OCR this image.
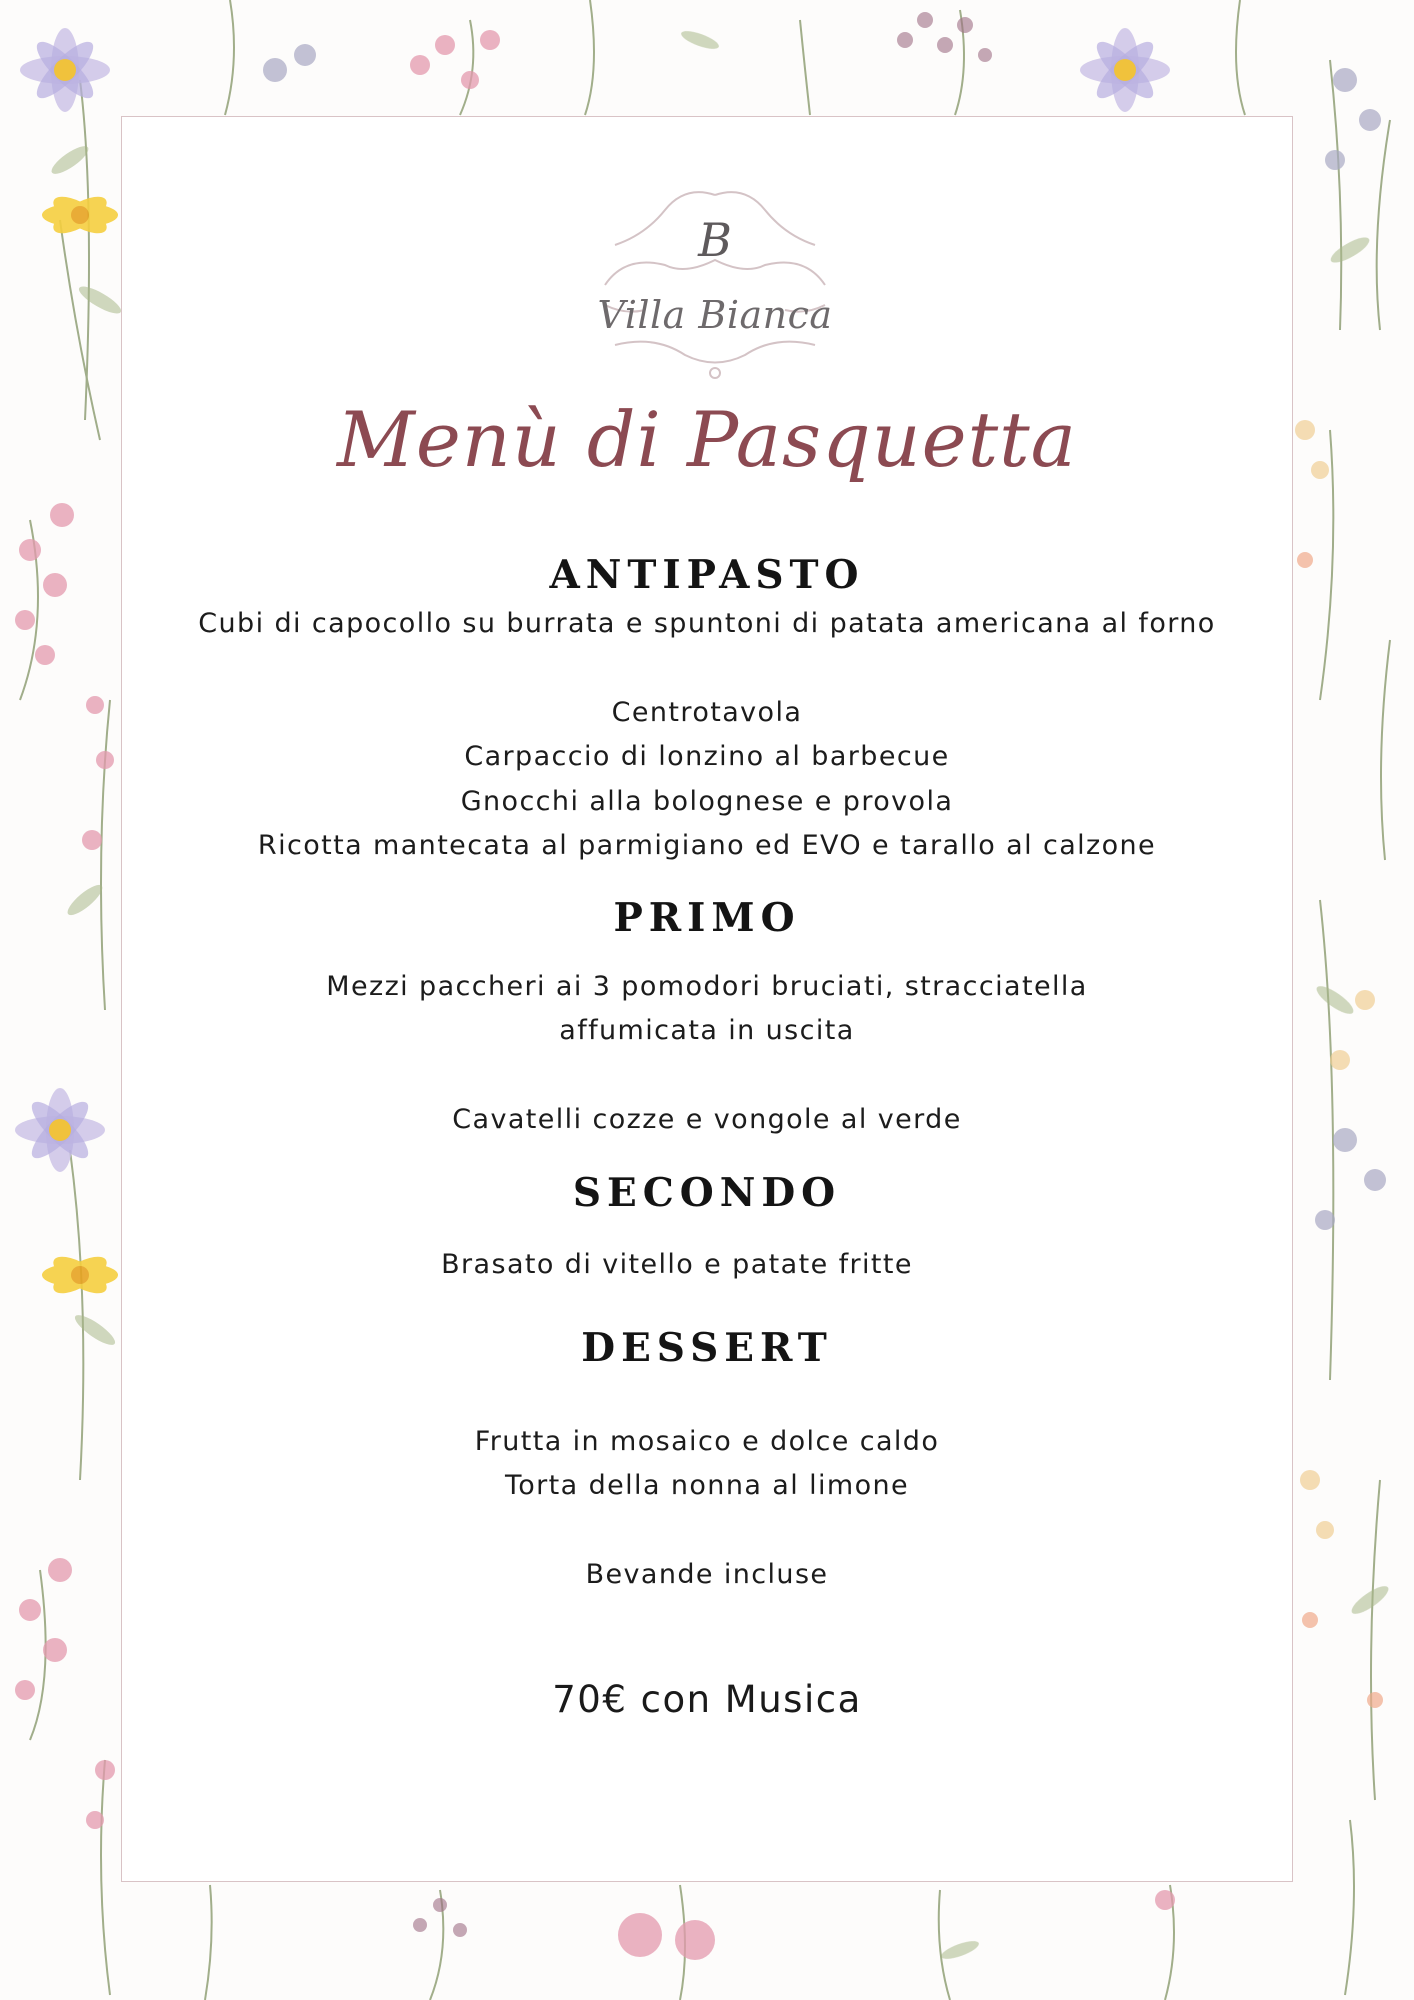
B
Villa Bianca
Menù di Pasquetta
ANTIPASTO
Cubi di capocollo su burrata e spuntoni di patata americana al forno
Centrotavola
Carpaccio di lonzino al barbecue
Gnocchi alla bolognese e provola
Ricotta mantecata al parmigiano ed EVO e tarallo al calzone
PRIMO
Mezzi paccheri ai 3 pomodori bruciati, stracciatella
affumicata in uscita
Cavatelli cozze e vongole al verde
SECONDO
Brasato di vitello e patate fritte
DESSERT
Frutta in mosaico e dolce caldo
Torta della nonna al limone
Bevande incluse
70€ con Musica
